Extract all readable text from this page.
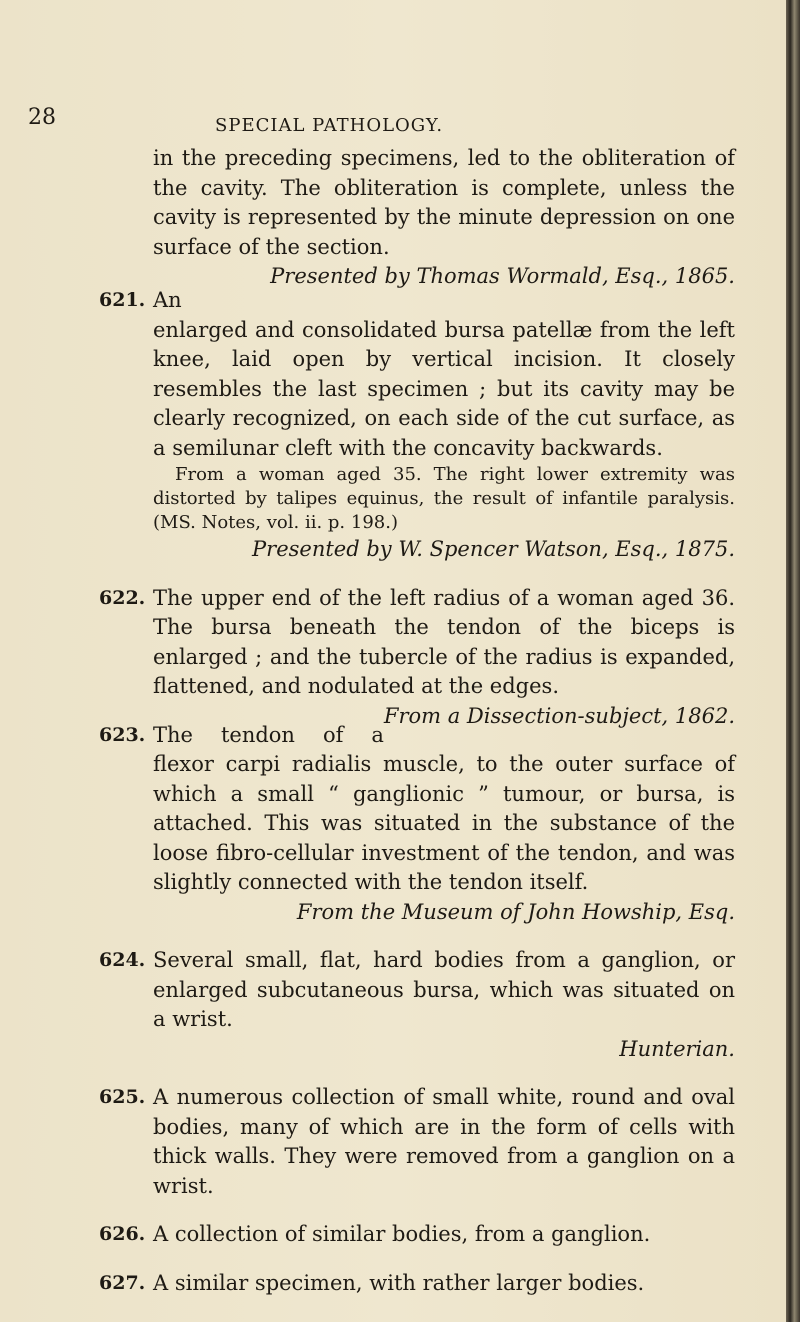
28	SPECIAL PATHOLOGY.

in the preceding specimens, led to the obliteration of the cavity. The obliteration is complete, unless the cavity is represented by the minute depression on one surface of the section.
Presented by Thomas Wormald, Esq., 1865.

621. An enlarged and consolidated bursa patellæ from the left knee, laid open by vertical incision. It closely resembles the last specimen ; but its cavity may be clearly recognized, on each side of the cut surface, as a semilunar cleft with the concavity backwards.

From a woman aged 35. The right lower extremity was distorted by talipes equinus, the result of infantile paralysis. (MS. Notes, vol. ii. p. 198.)

Presented by W. Spencer Watson, Esq., 1875.

622. The upper end of the left radius of a woman aged 36. The bursa beneath the tendon of the biceps is enlarged ; and the tubercle of the radius is expanded, flattened, and nodulated at the edges.
From a Dissection-subject, 1862.

623. The tendon of a flexor carpi radialis muscle, to the outer surface of which a small “ ganglionic ” tumour, or bursa, is attached. This was situated in the substance of the loose fibro-cellular investment of the tendon, and was slightly connected with the tendon itself.

From the Museum of John Howship, Esq.

624. Several small, flat, hard bodies from a ganglion, or enlarged subcutaneous bursa, which was situated on a wrist.

Hunterian.

625. A numerous collection of small white, round and oval bodies, many of which are in the form of cells with thick walls. They were removed from a ganglion on a wrist.

626. A collection of similar bodies, from a ganglion.

627. A similar specimen, with rather larger bodies.
